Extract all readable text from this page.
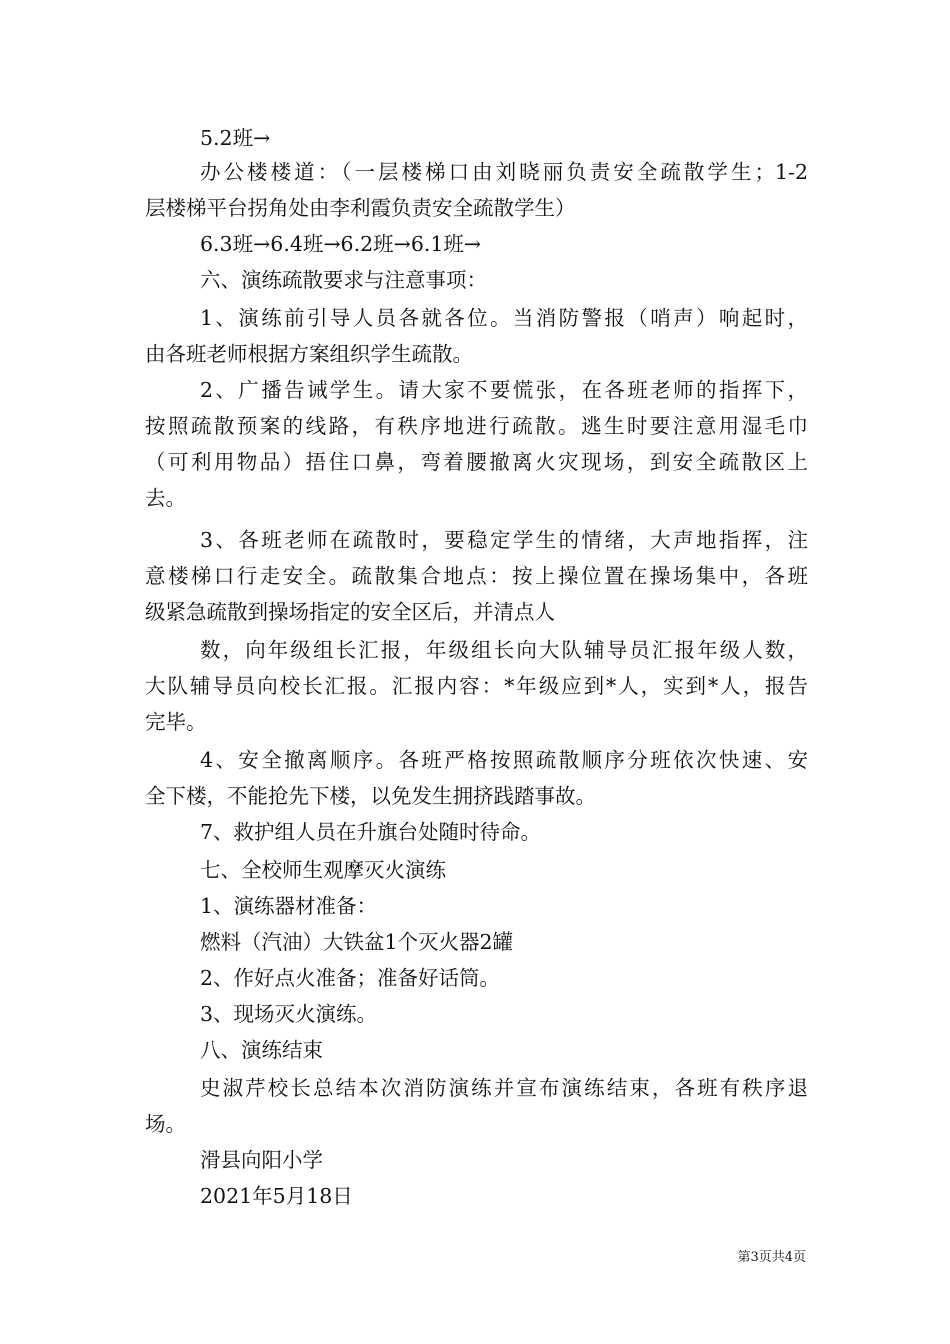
5.2班→
办公楼楼道：（一层楼梯口由刘晓丽负责安全疏散学生；1-2
层楼梯平台拐角处由李利霞负责安全疏散学生）
6.3班→6.4班→6.2班→6.1班→
六、演练疏散要求与注意事项：
1、演练前引导人员各就各位。当消防警报（哨声）响起时，
由各班老师根据方案组织学生疏散。
2、广播告诫学生。请大家不要慌张，在各班老师的指挥下，
按照疏散预案的线路，有秩序地进行疏散。逃生时要注意用湿毛巾
（可利用物品）捂住口鼻，弯着腰撤离火灾现场，到安全疏散区上
去。
3、各班老师在疏散时，要稳定学生的情绪，大声地指挥，注
意楼梯口行走安全。疏散集合地点：按上操位置在操场集中，各班
级紧急疏散到操场指定的安全区后，并清点人
数，向年级组长汇报，年级组长向大队辅导员汇报年级人数，
大队辅导员向校长汇报。汇报内容：*年级应到*人，实到*人，报告
完毕。
4、安全撤离顺序。各班严格按照疏散顺序分班依次快速、安
全下楼，不能抢先下楼，以免发生拥挤践踏事故。
7、救护组人员在升旗台处随时待命。
七、全校师生观摩灭火演练
1、演练器材准备：
燃料（汽油）大铁盆1个灭火器2罐
2、作好点火准备；准备好话筒。
3、现场灭火演练。
八、演练结束
史淑芹校长总结本次消防演练并宣布演练结束，各班有秩序退
场。
滑县向阳小学
2021年5月18日
第3页共4页
